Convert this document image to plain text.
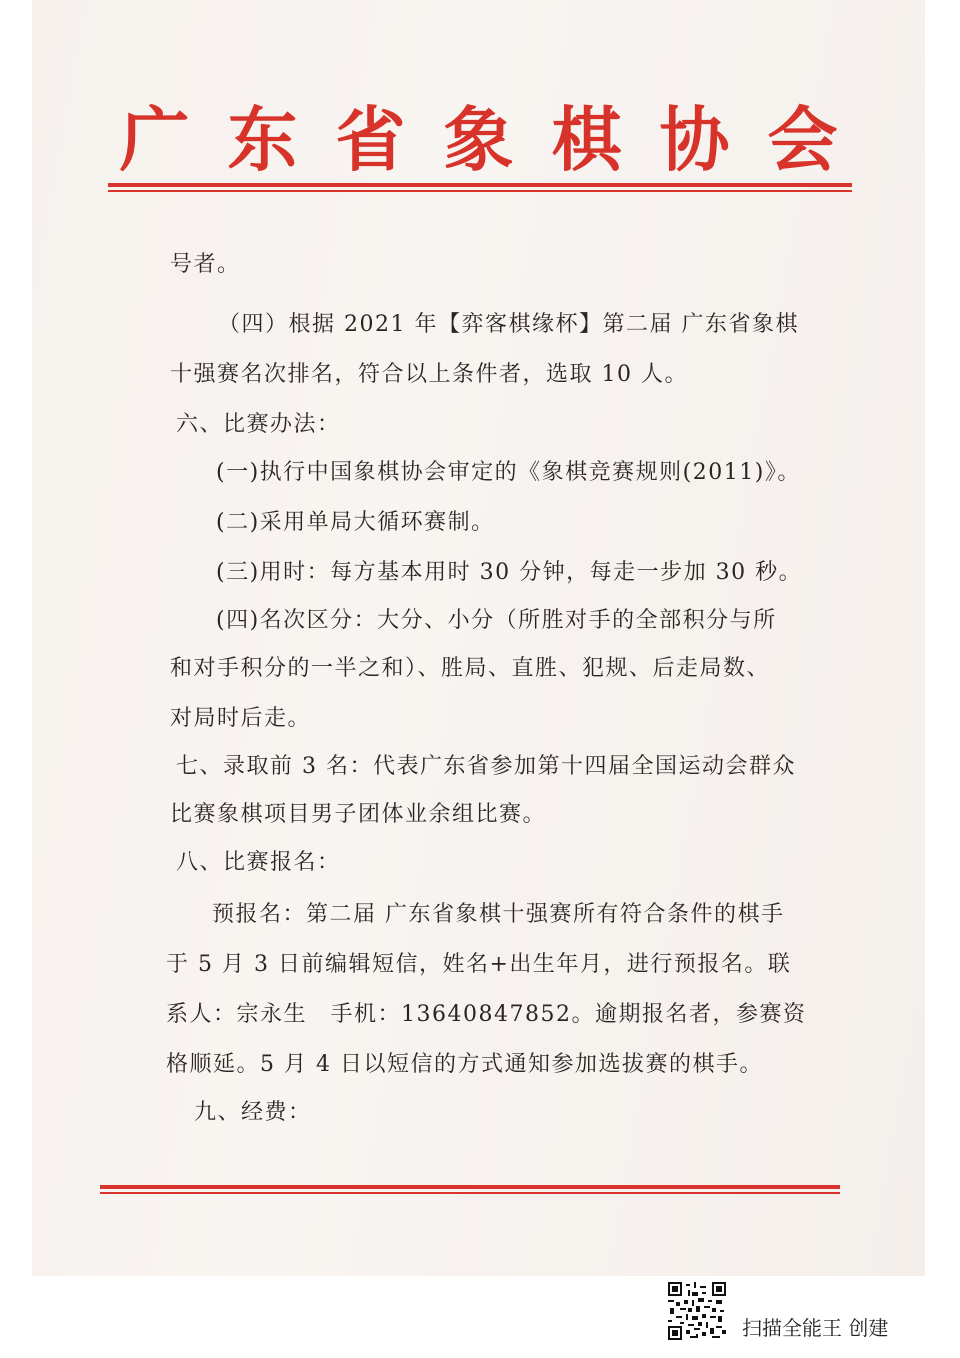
广东省象棋协会
号者。
（四）根据 2021 年【弈客棋缘杯】第二届 广东省象棋
十强赛名次排名，符合以上条件者，选取 10 人。
六、比赛办法：
(一)执行中国象棋协会审定的《象棋竞赛规则(2011)》。
(二)采用单局大循环赛制。
(三)用时：每方基本用时 30 分钟，每走一步加 30 秒。
(四)名次区分：大分、小分（所胜对手的全部积分与所
和对手积分的一半之和）、胜局、直胜、犯规、后走局数、
对局时后走。
七、录取前 3 名：代表广东省参加第十四届全国运动会群众
比赛象棋项目男子团体业余组比赛。
八、比赛报名：
预报名：第二届 广东省象棋十强赛所有符合条件的棋手
于 5 月 3 日前编辑短信，姓名+出生年月，进行预报名。联
系人：宗永生　手机：13640847852。逾期报名者，参赛资
格顺延。5 月 4 日以短信的方式通知参加选拔赛的棋手。
九、经费：
扫描全能王 创建
